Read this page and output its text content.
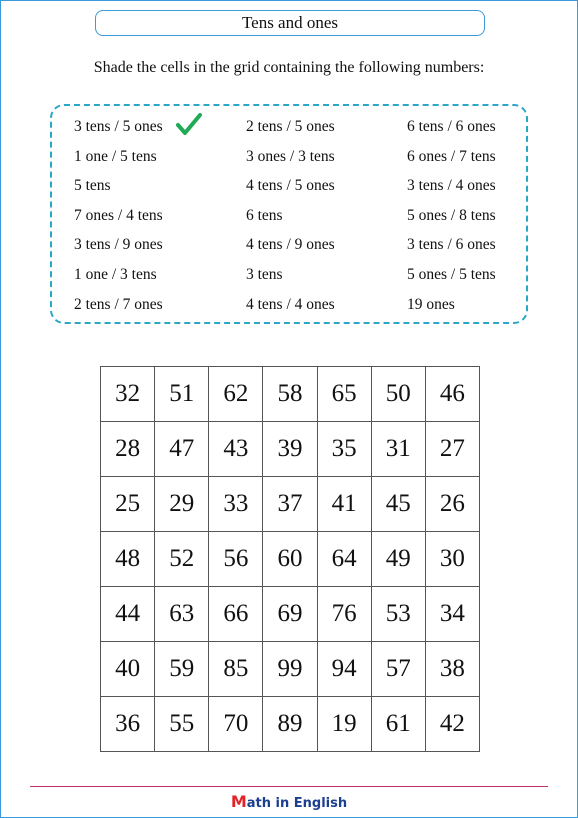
Tens and ones
Shade the cells in the grid containing the following numbers:
3 tens / 5 ones	2 tens / 5 ones	6 tens / 6 ones
1 one / 5 tens	3 ones / 3 tens	6 ones / 7 tens
5 tens	4 tens / 5 ones	3 tens / 4 ones
7 ones / 4 tens	6 tens	5 ones / 8 tens
3 tens / 9 ones	4 tens / 9 ones	3 tens / 6 ones
1 one / 3 tens	3 tens	5 ones / 5 tens
2 tens / 7 ones	4 tens / 4 ones	19 ones
32	51	62	58	65	50	46
28	47	43	39	35	31	27
25	29	33	37	41	45	26
48	52	56	60	64	49	30
44	63	66	69	76	53	34
40	59	85	99	94	57	38
36	55	70	89	19	61	42
Math in English
